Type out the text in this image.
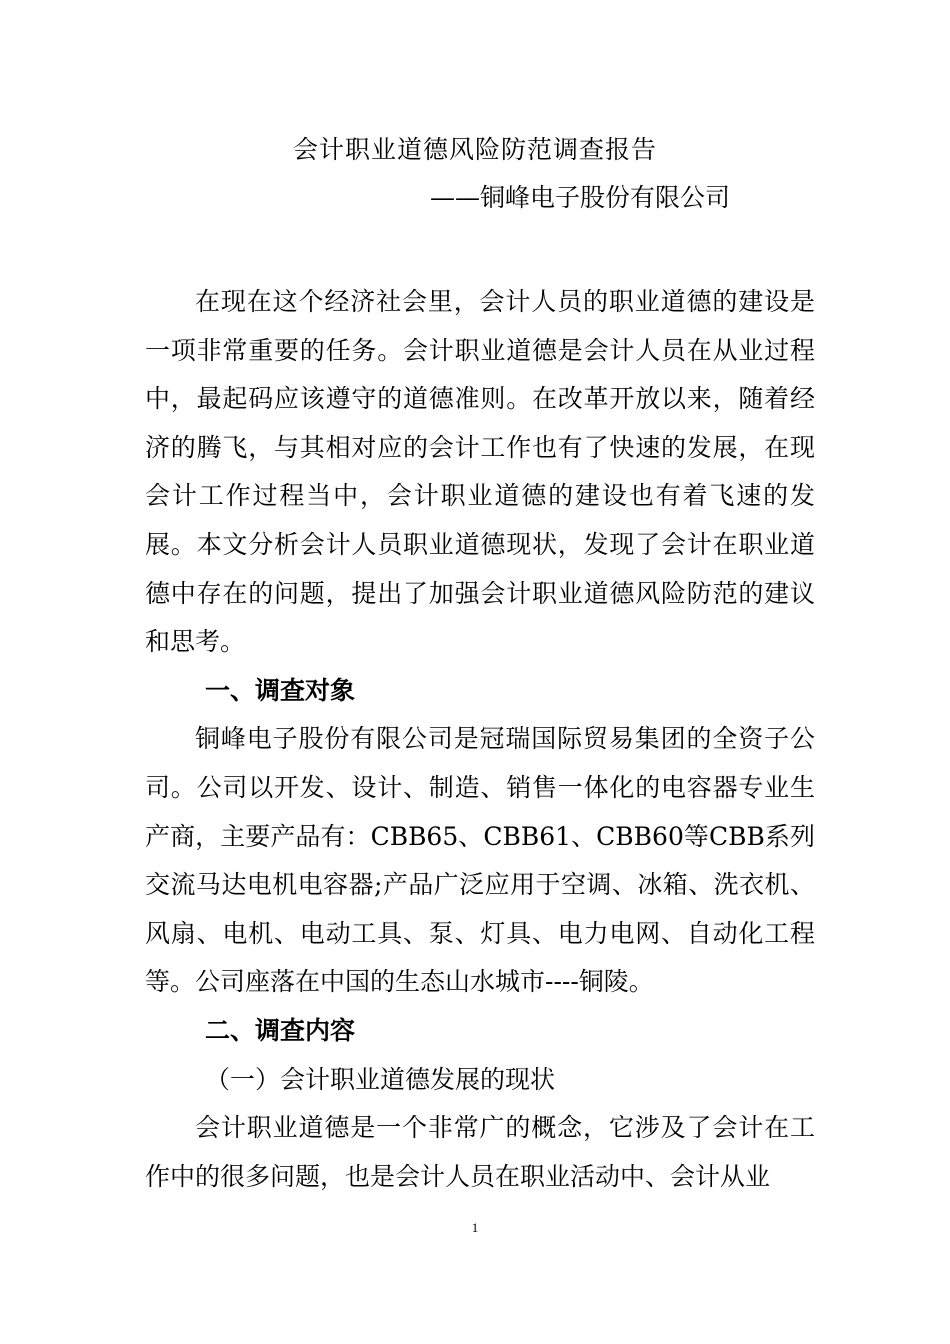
会计职业道德风险防范调查报告
——铜峰电子股份有限公司

在现在这个经济社会里，会计人员的职业道德的建设是一项非常重要的任务。会计职业道德是会计人员在从业过程中，最起码应该遵守的道德准则。在改革开放以来，随着经济的腾飞，与其相对应的会计工作也有了快速的发展，在现会计工作过程当中，会计职业道德的建设也有着飞速的发展。本文分析会计人员职业道德现状，发现了会计在职业道德中存在的问题，提出了加强会计职业道德风险防范的建议和思考。

一、调查对象

铜峰电子股份有限公司是冠瑞国际贸易集团的全资子公司。公司以开发、设计、制造、销售一体化的电容器专业生产商，主要产品有：CBB65、CBB61、CBB60等CBB系列交流马达电机电容器;产品广泛应用于空调、冰箱、洗衣机、风扇、电机、电动工具、泵、灯具、电力电网、自动化工程等。公司座落在中国的生态山水城市----铜陵。

二、调查内容

（一）会计职业道德发展的现状

会计职业道德是一个非常广的概念，它涉及了会计在工作中的很多问题，也是会计人员在职业活动中、会计从业

1
